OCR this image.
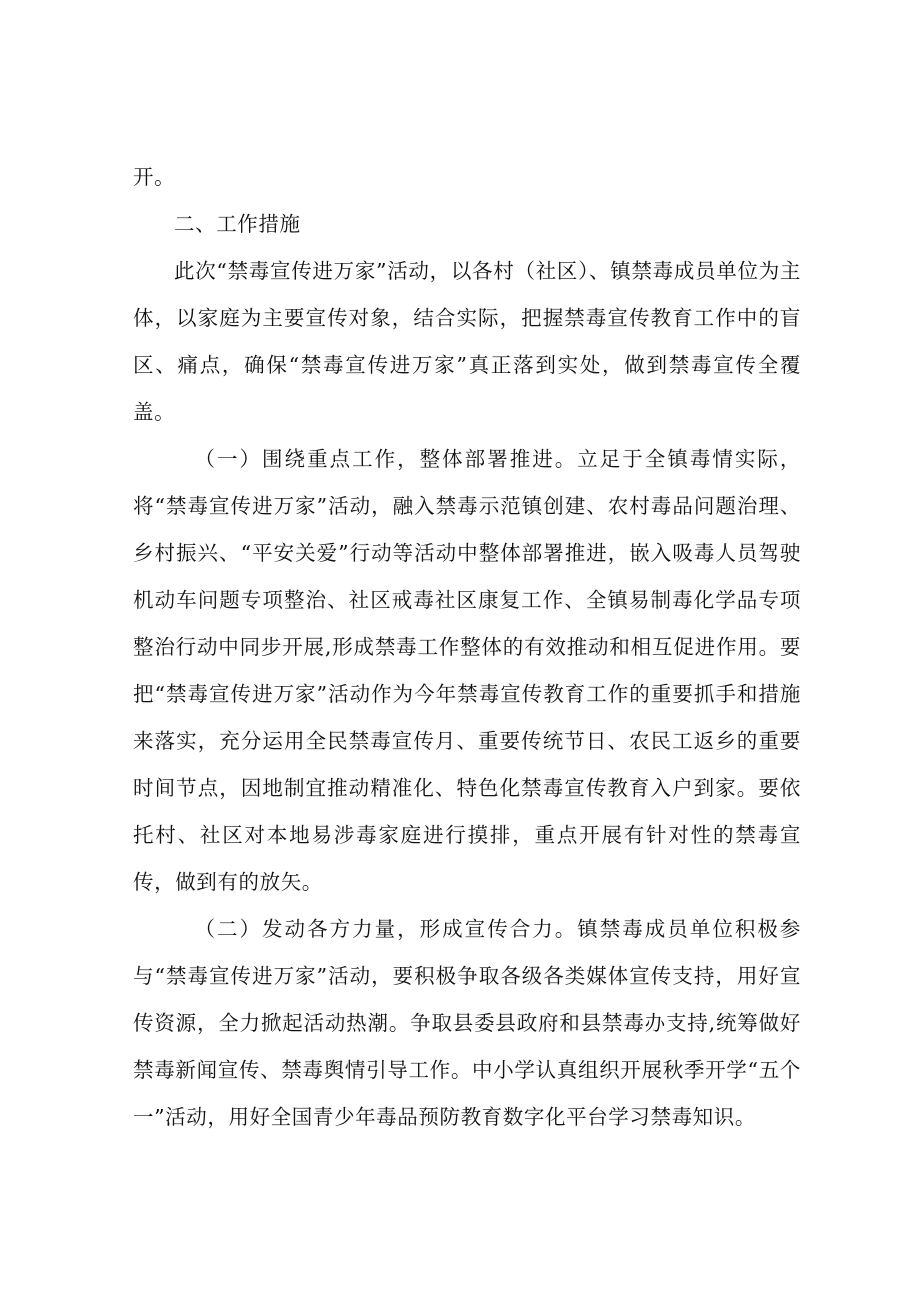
开。

二、工作措施

此次“禁毒宣传进万家”活动，以各村（社区）、镇禁毒成员单位为主体，以家庭为主要宣传对象，结合实际，把握禁毒宣传教育工作中的盲区、痛点，确保“禁毒宣传进万家”真正落到实处，做到禁毒宣传全覆盖。

（一）围绕重点工作，整体部署推进。立足于全镇毒情实际，将“禁毒宣传进万家”活动，融入禁毒示范镇创建、农村毒品问题治理、乡村振兴、“平安关爱”行动等活动中整体部署推进，嵌入吸毒人员驾驶机动车问题专项整治、社区戒毒社区康复工作、全镇易制毒化学品专项整治行动中同步开展,形成禁毒工作整体的有效推动和相互促进作用。要把“禁毒宣传进万家”活动作为今年禁毒宣传教育工作的重要抓手和措施来落实，充分运用全民禁毒宣传月、重要传统节日、农民工返乡的重要时间节点，因地制宜推动精准化、特色化禁毒宣传教育入户到家。要依托村、社区对本地易涉毒家庭进行摸排，重点开展有针对性的禁毒宣传，做到有的放矢。

（二）发动各方力量，形成宣传合力。镇禁毒成员单位积极参与“禁毒宣传进万家”活动，要积极争取各级各类媒体宣传支持，用好宣传资源，全力掀起活动热潮。争取县委县政府和县禁毒办支持,统筹做好禁毒新闻宣传、禁毒舆情引导工作。中小学认真组织开展秋季开学“五个一”活动，用好全国青少年毒品预防教育数字化平台学习禁毒知识。
